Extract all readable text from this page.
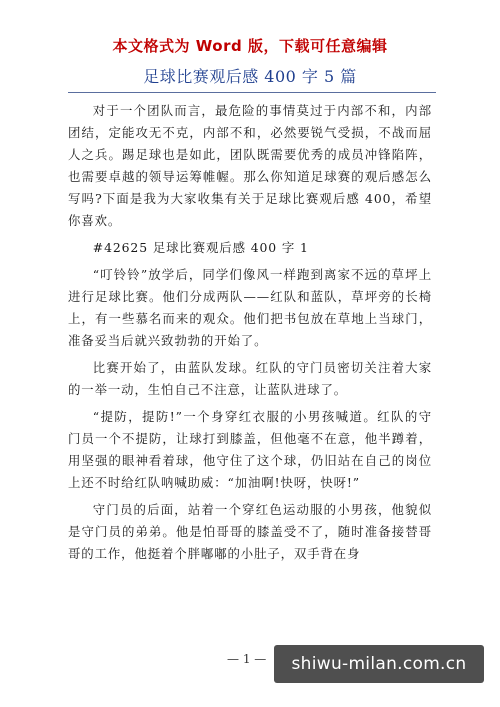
本文格式为 Word 版，下载可任意编辑
足球比赛观后感 400 字 5 篇

对于一个团队而言，最危险的事情莫过于内部不和，内部团结，定能攻无不克，内部不和，必然要锐气受损，不战而屈人之兵。踢足球也是如此，团队既需要优秀的成员冲锋陷阵，也需要卓越的领导运筹帷幄。那么你知道足球赛的观后感怎么写吗?下面是我为大家收集有关于足球比赛观后感 400，希望你喜欢。

#42625 足球比赛观后感 400 字 1

“叮铃铃”放学后，同学们像风一样跑到离家不远的草坪上进行足球比赛。他们分成两队——红队和蓝队，草坪旁的长椅上，有一些慕名而来的观众。他们把书包放在草地上当球门，准备妥当后就兴致勃勃的开始了。

比赛开始了，由蓝队发球。红队的守门员密切关注着大家的一举一动，生怕自己不注意，让蓝队进球了。

“提防，提防!”一个身穿红衣服的小男孩喊道。红队的守门员一个不提防，让球打到膝盖，但他毫不在意，他半蹲着，用坚强的眼神看着球，他守住了这个球，仍旧站在自己的岗位上还不时给红队呐喊助威：“加油啊!快呀，快呀!”

守门员的后面，站着一个穿红色运动服的小男孩，他貌似是守门员的弟弟。他是怕哥哥的膝盖受不了，随时准备接替哥哥的工作，他挺着个胖嘟嘟的小肚子，双手背在身

— 1 —	shiwu-milan.com.cn
